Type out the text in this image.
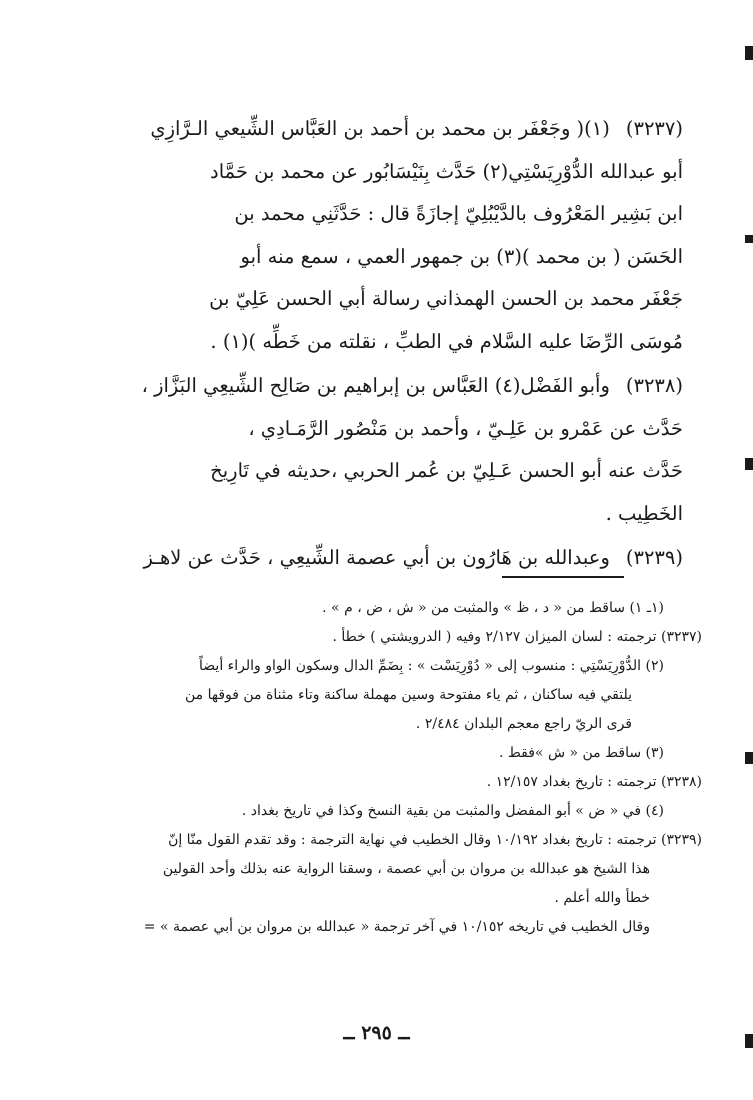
(٣٢٣٧)(١)( وجَعْفَر بن محمد بن أحمد بن العَبَّاس الشِّيعي الـرَّازِي
أبو عبدالله الدُّوْرِيَسْتِي(٢) حَدَّث بِنَيْسَابُور عن محمد بن حَمَّاد
ابن بَشِير المَعْرُوف بالدَّيْبُلِيّ إجازَةً قال : حَدَّثَنِي محمد بن
الحَسَن ( بن محمد )(٣) بن جمهور العمي ، سمع منه أبو
جَعْفَر محمد بن الحسن الهمذاني رسالة أبي الحسن عَلِيّ بن
مُوسَى الرِّضَا عليه السَّلام في الطبِّ ، نقلته من خَطِّه )(١) .
(٣٢٣٨)وأبو الفَضْل(٤) العَبَّاس بن إبراهيم بن صَالِح الشِّيعِي البَزَّاز ،
حَدَّث عن عَمْرو بن عَلِـيّ ، وأحمد بن مَنْصُور الرَّمَـادِي ،
حَدَّث عنه أبو الحسن عَـلِيّ بن عُمر الحربي ،حديثه في تَارِيخ
الخَطِيب .
(٣٢٣٩)وعبدالله بن هَارُون بن أبي عصمة الشِّيعِي ، حَدَّث عن لاهـز
(١ـ ١) ساقط من « د ، ظ » والمثبت من « ش ، ض ، م » .
(٣٢٣٧) ترجمته : لسان الميزان ٢/١٢٧ وفيه ( الدرويشتي ) خطأ .
(٢) الدُّوْرِيَسْتِي : منسوب إلى « دُوْرِيَسْت » : بِضَمِّ الدال وسكون الواو والراء أيضاً
يلتقي فيه ساكنان ، ثم ياء مفتوحة وسين مهملة ساكنة وتاء مثناة من فوقها من
قرى الريّ راجع معجم البلدان ٢/٤٨٤ .
(٣) ساقط من « ش »فقط .
(٣٢٣٨) ترجمته : تاريخ بغداد ١٢/١٥٧ .
(٤) في « ض » أبو المفضل والمثبت من بقية النسخ وكذا في تاريخ بغداد .
(٣٢٣٩) ترجمته : تاريخ بغداد ١٠/١٩٢ وقال الخطيب في نهاية الترجمة : وقد تقدم القول منّا إنّ
هذا الشيخ هو عبدالله بن مروان بن أبي عصمة ، وسقنا الرواية عنه بذلك وأحد القولين
خطأ والله أعلم .
وقال الخطيب في تاريخه ١٠/١٥٢ في آخر ترجمة « عبدالله بن مروان بن أبي عصمة » =
ــ ٢٩٥ ــ
